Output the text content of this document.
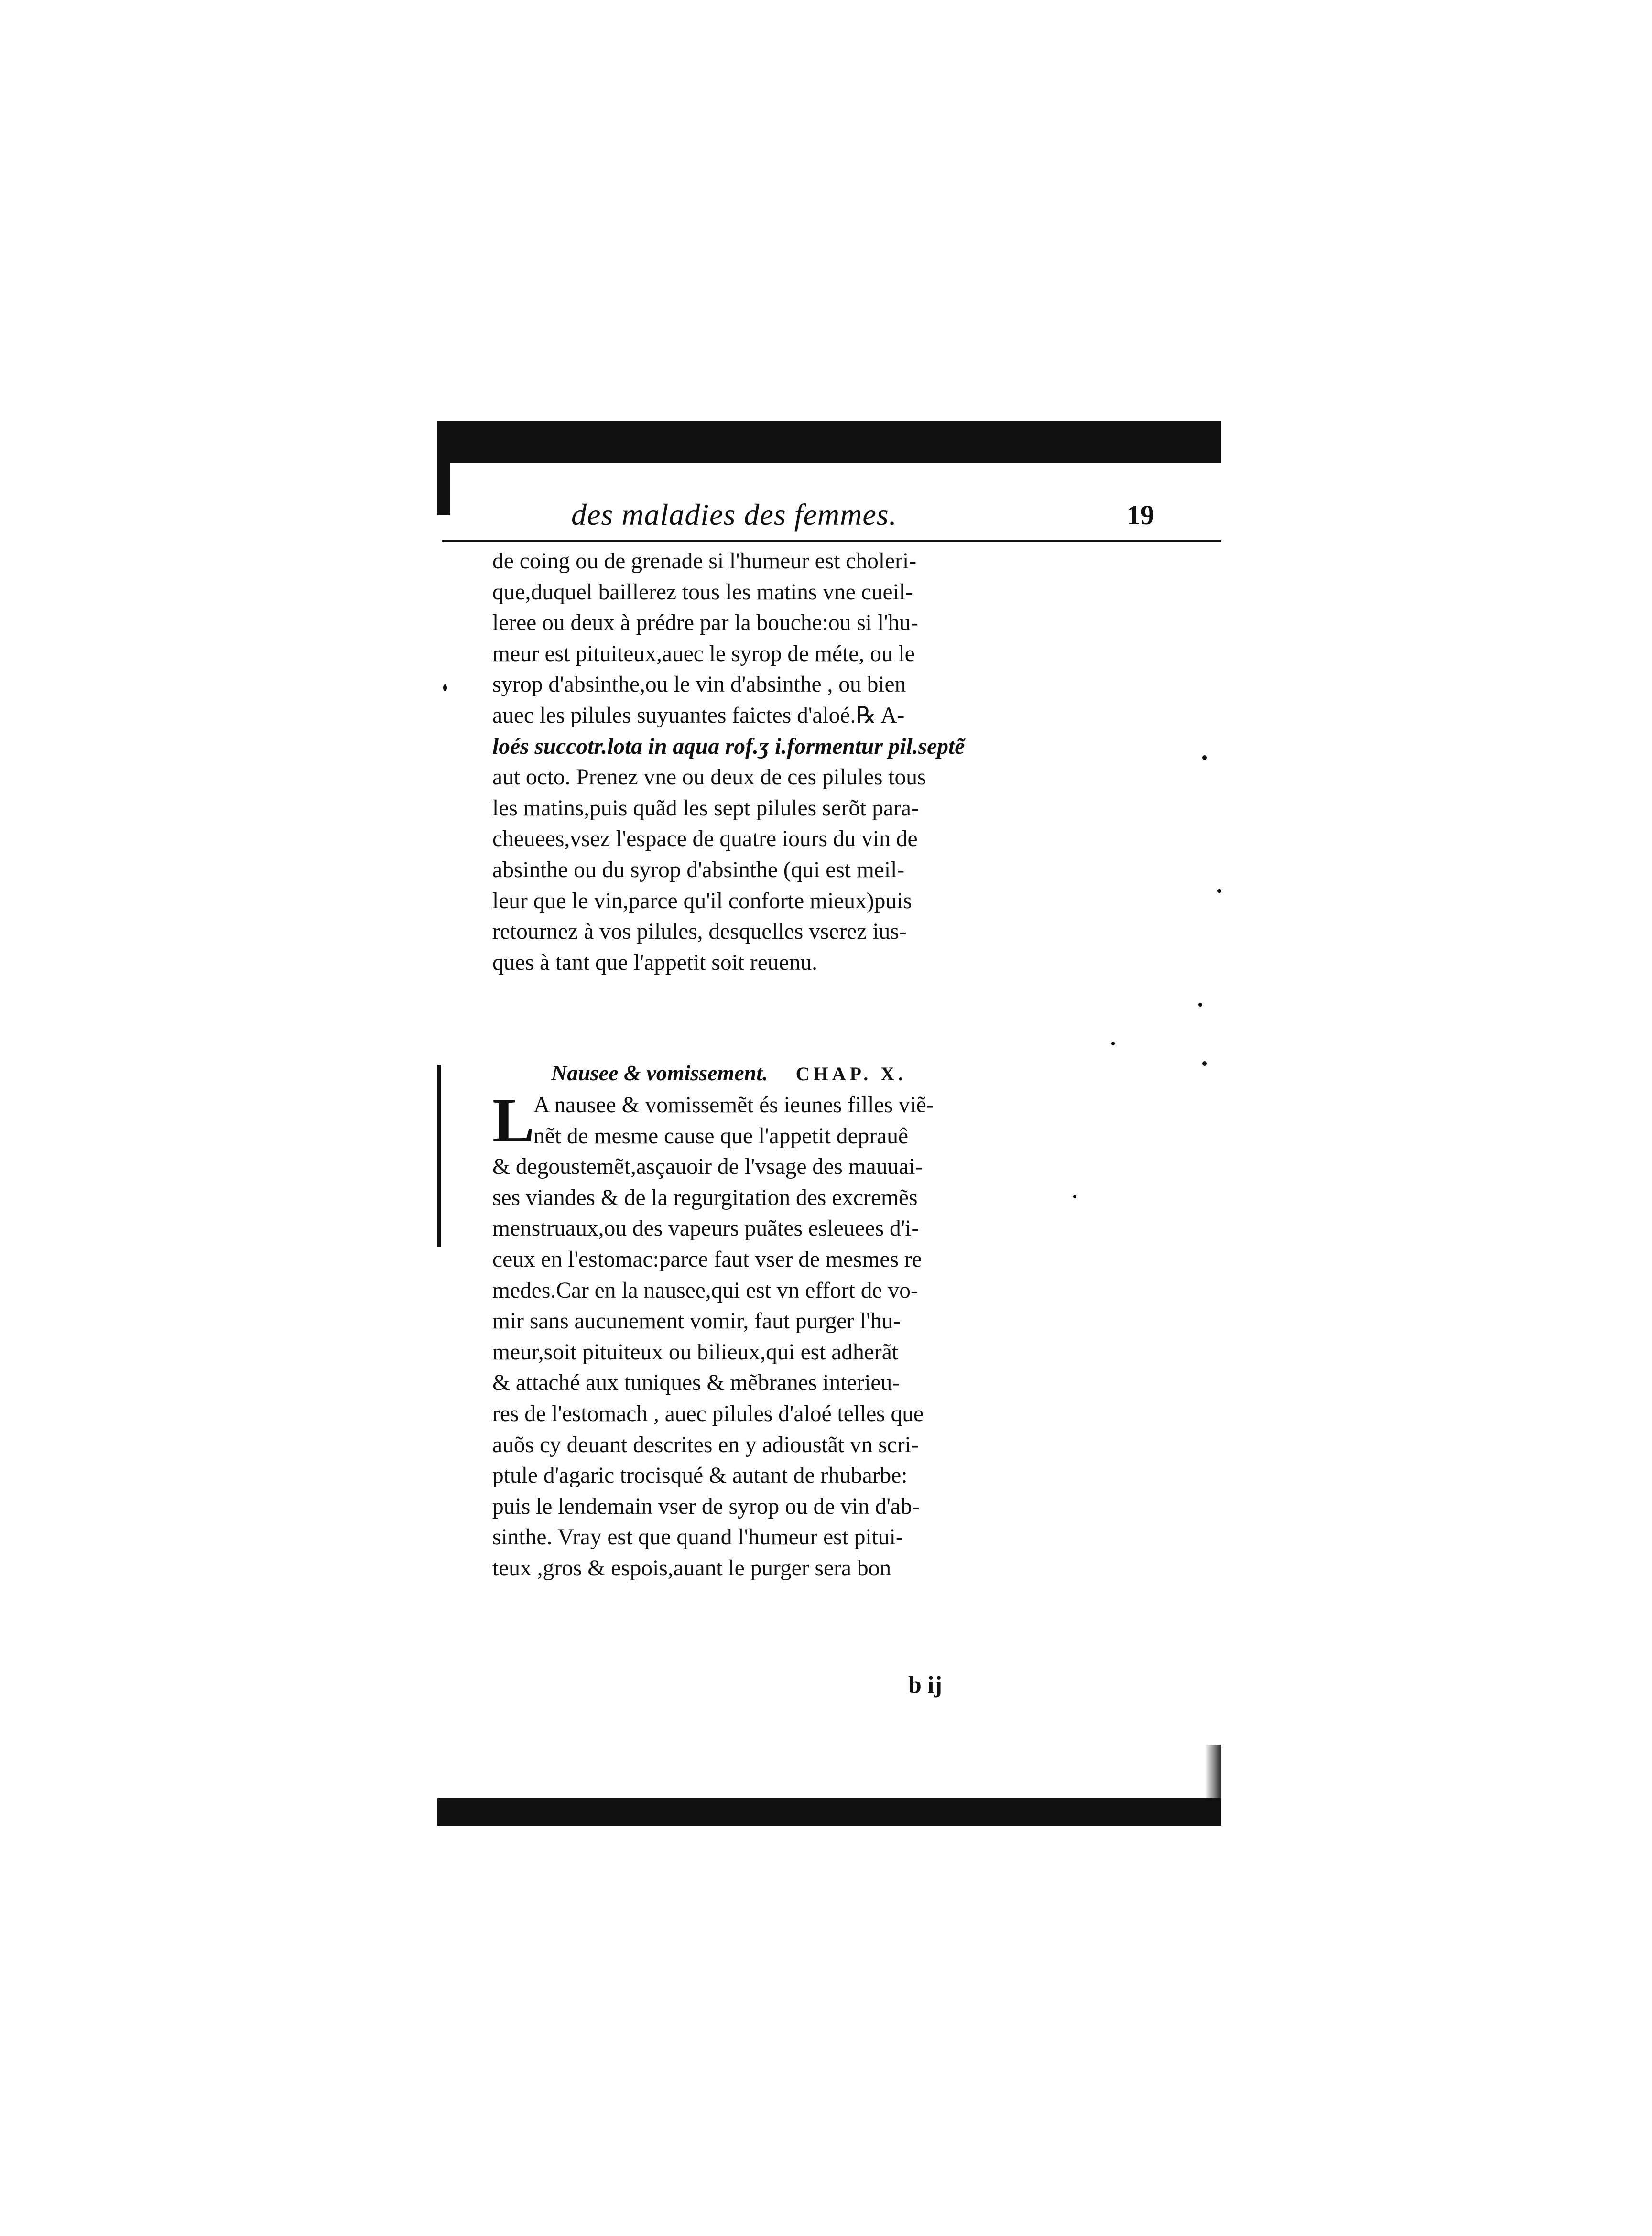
des maladies des femmes.	19
de coing ou de grenade si l'humeur est choleri-
que,duquel baillerez tous les matins vne cueil-
leree ou deux à prédre par la bouche:ou si l'hu-
meur est pituiteux,auec le syrop de méte, ou le
syrop d'absinthe,ou le vin d'absinthe , ou bien
auec les pilules suyuantes faictes d'aloé.℞ A-
loés succotr.lota in aqua rof.ʒ i.formentur pil.septẽ
aut octo. Prenez vne ou deux de ces pilules tous
les matins,puis quãd les sept pilules serõt para-
cheuees,vsez l'espace de quatre iours du vin de
absinthe ou du syrop d'absinthe (qui est meil-
leur que le vin,parce qu'il conforte mieux)puis
retournez à vos pilules, desquelles vserez ius-
ques à tant que l'appetit soit reuenu.
Nausee & vomissement. CHAP. X.
L
A nausee & vomissemẽt és ieunes filles viẽ-
nẽt de mesme cause que l'appetit deprauê
& degoustemẽt,asçauoir de l'vsage des mauuai-
ses viandes & de la regurgitation des excremẽs
menstruaux,ou des vapeurs puãtes esleuees d'i-
ceux en l'estomac:parce faut vser de mesmes re
medes.Car en la nausee,qui est vn effort de vo-
mir sans aucunement vomir, faut purger l'hu-
meur,soit pituiteux ou bilieux,qui est adherãt
& attaché aux tuniques & mẽbranes interieu-
res de l'estomach , auec pilules d'aloé telles que
auõs cy deuant descrites en y adioustãt vn scri-
ptule d'agaric trocisqué & autant de rhubarbe:
puis le lendemain vser de syrop ou de vin d'ab-
sinthe. Vray est que quand l'humeur est pitui-
teux ,gros & espois,auant le purger sera bon
b ij
